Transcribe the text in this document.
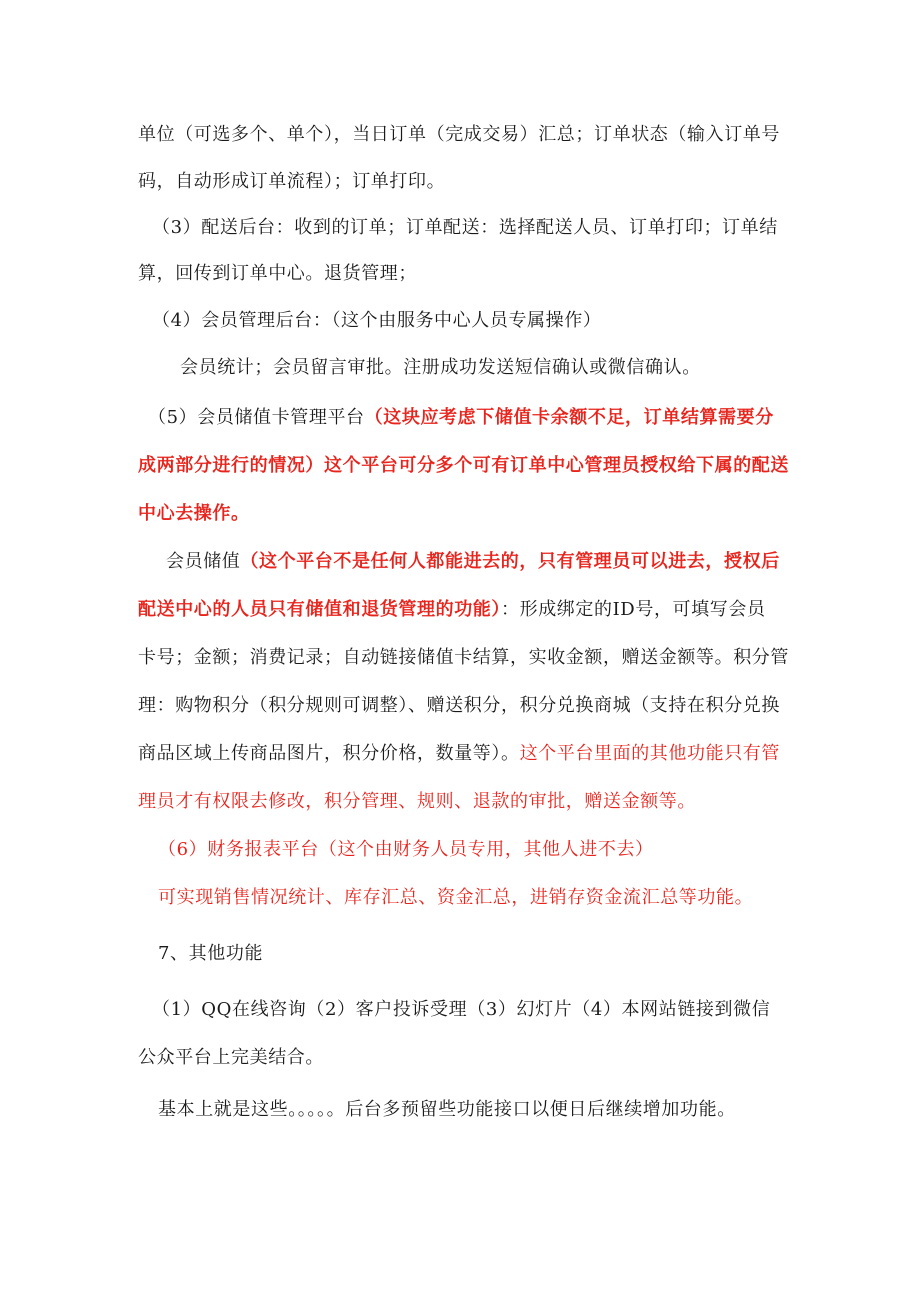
单位（可选多个、单个），当日订单（完成交易）汇总；订单状态（输入订单号
码，自动形成订单流程）；订单打印。
（3）配送后台：收到的订单；订单配送：选择配送人员、订单打印；订单结
算，回传到订单中心。退货管理；
（4）会员管理后台：（这个由服务中心人员专属操作）
会员统计；会员留言审批。注册成功发送短信确认或微信确认。
（5）会员储值卡管理平台（这块应考虑下储值卡余额不足，订单结算需要分
成两部分进行的情况）这个平台可分多个可有订单中心管理员授权给下属的配送
中心去操作。
会员储值（这个平台不是任何人都能进去的，只有管理员可以进去，授权后
配送中心的人员只有储值和退货管理的功能）：形成绑定的ID号，可填写会员
卡号；金额；消费记录；自动链接储值卡结算，实收金额，赠送金额等。积分管
理：购物积分（积分规则可调整）、赠送积分，积分兑换商城（支持在积分兑换
商品区域上传商品图片，积分价格，数量等）。这个平台里面的其他功能只有管
理员才有权限去修改，积分管理、规则、退款的审批，赠送金额等。
（6）财务报表平台（这个由财务人员专用，其他人进不去）
可实现销售情况统计、库存汇总、资金汇总，进销存资金流汇总等功能。
7、其他功能
（1）QQ在线咨询（2）客户投诉受理（3）幻灯片（4）本网站链接到微信
公众平台上完美结合。
基本上就是这些。。。。。后台多预留些功能接口以便日后继续增加功能。
